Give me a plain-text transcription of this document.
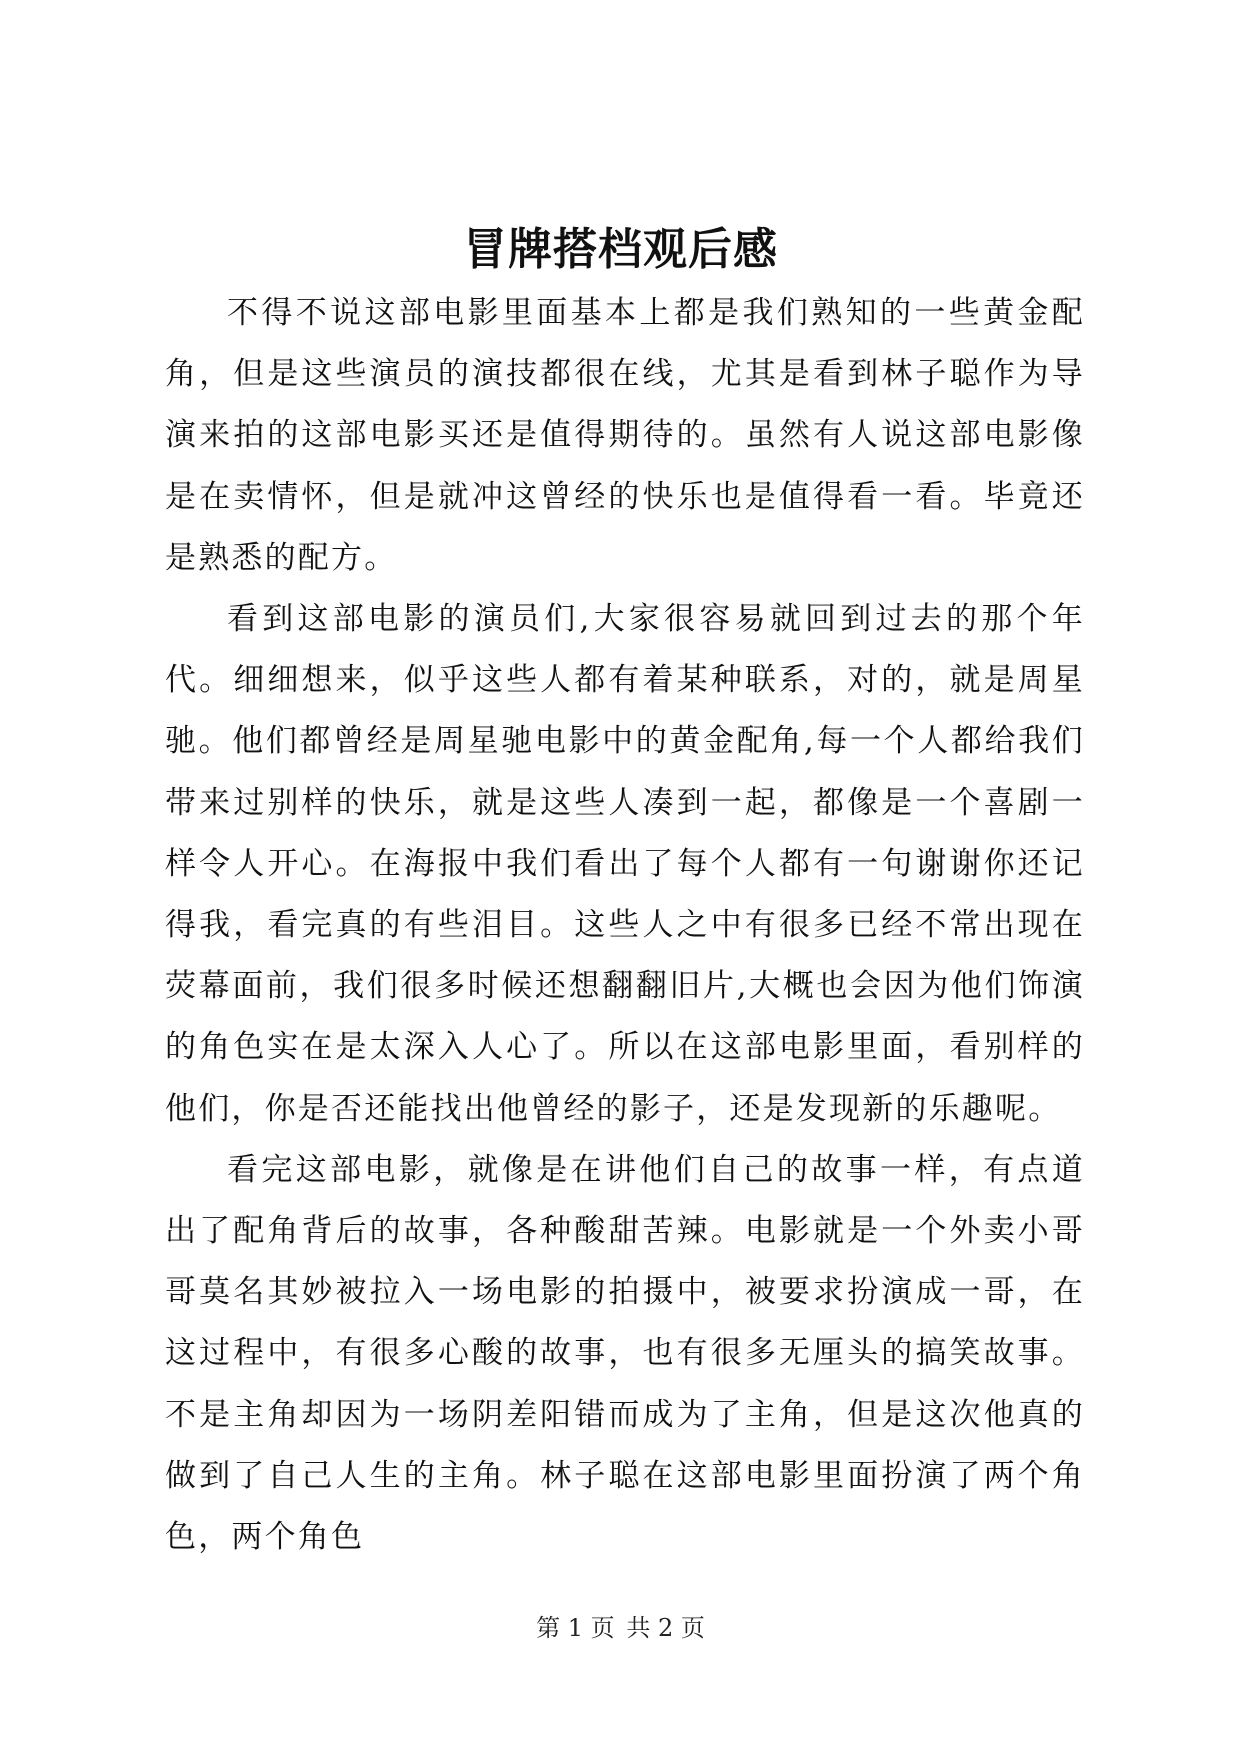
冒牌搭档观后感

不得不说这部电影里面基本上都是我们熟知的一些黄金配角，但是这些演员的演技都很在线，尤其是看到林子聪作为导演来拍的这部电影买还是值得期待的。虽然有人说这部电影像是在卖情怀，但是就冲这曾经的快乐也是值得看一看。毕竟还是熟悉的配方。

看到这部电影的演员们,大家很容易就回到过去的那个年代。细细想来，似乎这些人都有着某种联系，对的，就是周星驰。他们都曾经是周星驰电影中的黄金配角,每一个人都给我们带来过别样的快乐，就是这些人凑到一起，都像是一个喜剧一样令人开心。在海报中我们看出了每个人都有一句谢谢你还记得我，看完真的有些泪目。这些人之中有很多已经不常出现在荧幕面前，我们很多时候还想翻翻旧片,大概也会因为他们饰演的角色实在是太深入人心了。所以在这部电影里面，看别样的他们，你是否还能找出他曾经的影子，还是发现新的乐趣呢。

看完这部电影，就像是在讲他们自己的故事一样，有点道出了配角背后的故事，各种酸甜苦辣。电影就是一个外卖小哥哥莫名其妙被拉入一场电影的拍摄中，被要求扮演成一哥，在这过程中，有很多心酸的故事，也有很多无厘头的搞笑故事。不是主角却因为一场阴差阳错而成为了主角，但是这次他真的做到了自己人生的主角。林子聪在这部电影里面扮演了两个角色，两个角色

第 1 页 共 2 页
